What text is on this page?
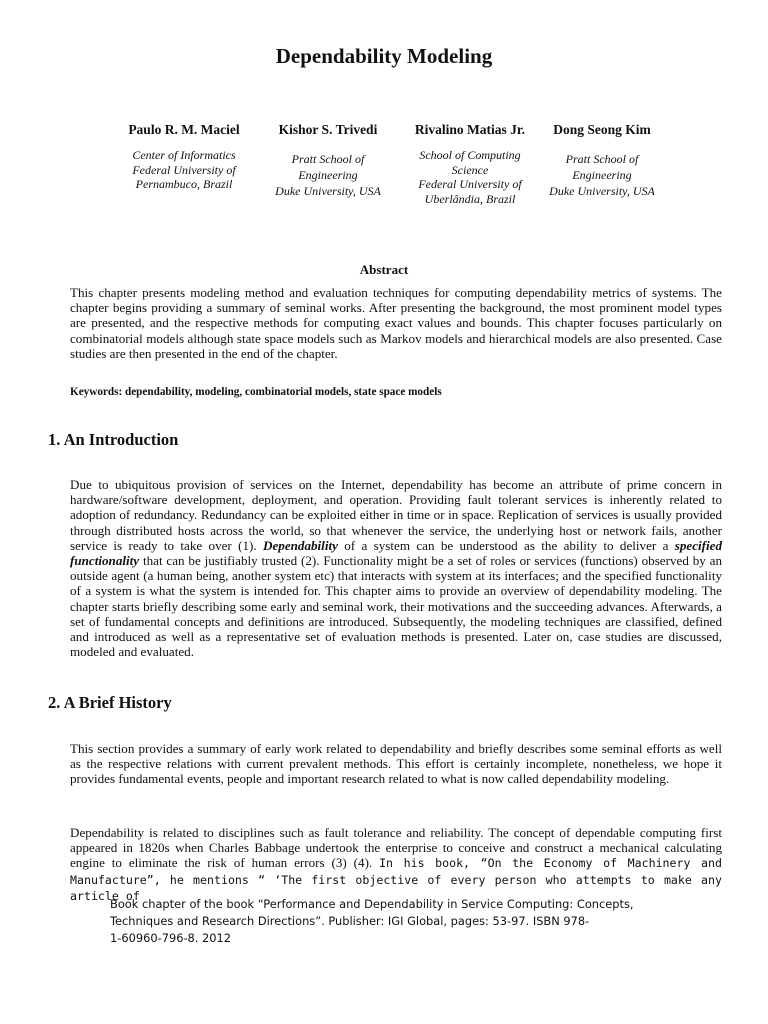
Dependability Modeling
Paulo R. M. Maciel
Center of Informatics
Federal University of
Pernambuco, Brazil
Kishor S. Trivedi
Pratt School of
Engineering
Duke University, USA
Rivalino Matias Jr.
School of Computing
Science
Federal University of
Uberlândia, Brazil
Dong Seong Kim
Pratt School of
Engineering
Duke University, USA
Abstract

This chapter presents modeling method and evaluation techniques for computing dependability metrics of systems. The chapter begins providing a summary of seminal works. After presenting the background, the most prominent model types are presented, and the respective methods for computing exact values and bounds. This chapter focuses particularly on combinatorial models although state space models such as Markov models and hierarchical models are also presented. Case studies are then presented in the end of the chapter.

Keywords: dependability, modeling, combinatorial models, state space models
1. An Introduction

Due to ubiquitous provision of services on the Internet, dependability has become an attribute of prime concern in hardware/software development, deployment, and operation. Providing fault tolerant services is inherently related to adoption of redundancy. Redundancy can be exploited either in time or in space. Replication of services is usually provided through distributed hosts across the world, so that whenever the service, the underlying host or network fails, another service is ready to take over (1). Dependability of a system can be understood as the ability to deliver a specified functionality that can be justifiably trusted (2). Functionality might be a set of roles or services (functions) observed by an outside agent (a human being, another system etc) that interacts with system at its interfaces; and the specified functionality of a system is what the system is intended for. This chapter aims to provide an overview of dependability modeling. The chapter starts briefly describing some early and seminal work, their motivations and the succeeding advances. Afterwards, a set of fundamental concepts and definitions are introduced. Subsequently, the modeling techniques are classified, defined and introduced as well as a representative set of evaluation methods is presented. Later on, case studies are discussed, modeled and evaluated.

2. A Brief History

This section provides a summary of early work related to dependability and briefly describes some seminal efforts as well as the respective relations with current prevalent methods. This effort is certainly incomplete, nonetheless, we hope it provides fundamental events, people and important research related to what is now called dependability modeling.

Dependability is related to disciplines such as fault tolerance and reliability. The concept of dependable computing first appeared in 1820s when Charles Babbage undertook the enterprise to conceive and construct a mechanical calculating engine to eliminate the risk of human errors (3) (4). In his book, “On the Economy of Machinery and Manufacture”, he mentions “ ‘The first objective of every person who attempts to make any article of

Book chapter of the book “Performance and Dependability in Service Computing: Concepts,
Techniques and Research Directions”. Publisher: IGI Global, pages: 53-97. ISBN 978-
1-60960-796-8. 2012
